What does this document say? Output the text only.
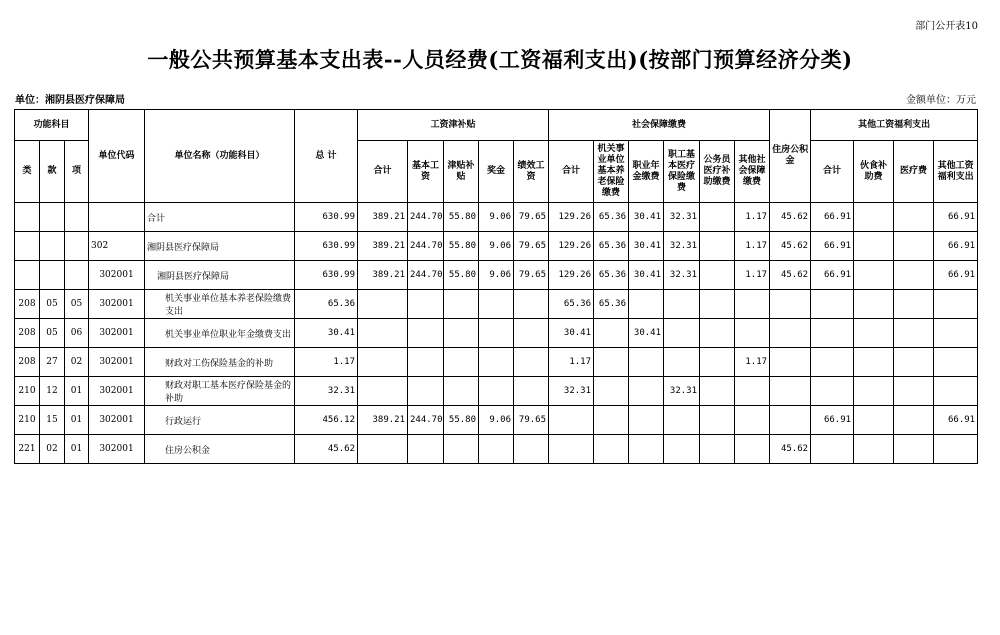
部门公开表10
一般公共预算基本支出表--人员经费(工资福利支出)(按部门预算经济分类)
单位：湘阴县医疗保障局	金额单位：万元
功能科目			单位代码	单位名称（功能科目）	总 计	工资津补贴					社会保障缴费						住房公积金	其他工资福利支出			
类	款	项				合计	基本工资	津贴补贴	奖金	绩效工资	合计	机关事业单位基本养老保险缴费	职业年金缴费	职工基本医疗保险缴费	公务员医疗补助缴费	其他社会保障缴费		合计	伙食补助费	医疗费	其他工资福利支出
				合计	630.99	389.21	244.70	55.80	9.06	79.65	129.26	65.36	30.41	32.31		1.17	45.62	66.91			66.91
			302	湘阴县医疗保障局	630.99	389.21	244.70	55.80	9.06	79.65	129.26	65.36	30.41	32.31		1.17	45.62	66.91			66.91
			302001	湘阴县医疗保障局	630.99	389.21	244.70	55.80	9.06	79.65	129.26	65.36	30.41	32.31		1.17	45.62	66.91			66.91
208	05	05	302001	机关事业单位基本养老保险缴费支出	65.36						65.36	65.36									
208	05	06	302001	机关事业单位职业年金缴费支出	30.41						30.41		30.41								
208	27	02	302001	财政对工伤保险基金的补助	1.17						1.17					1.17					
210	12	01	302001	财政对职工基本医疗保险基金的补助	32.31						32.31			32.31							
210	15	01	302001	行政运行	456.12	389.21	244.70	55.80	9.06	79.65								66.91			66.91
221	02	01	302001	住房公积金	45.62												45.62				
